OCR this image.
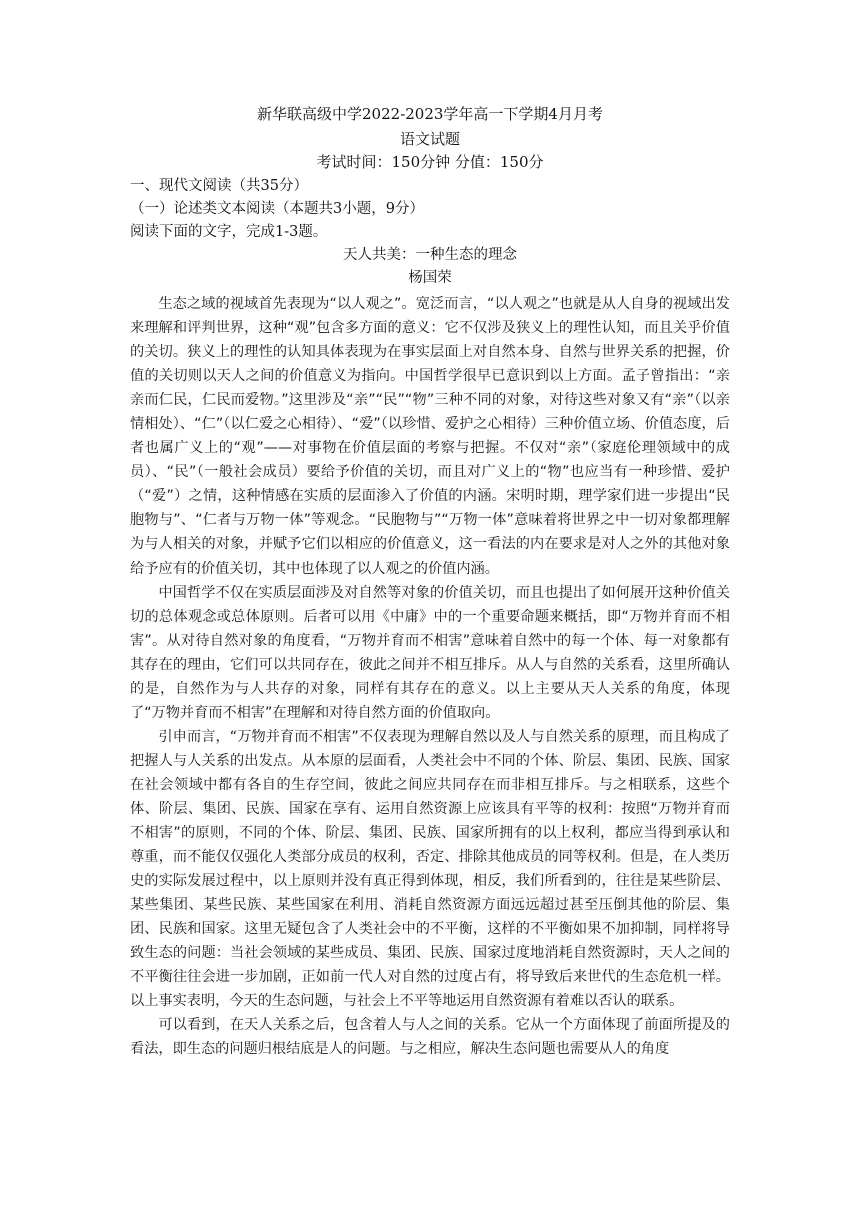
新华联高级中学2022-2023学年高一下学期4月月考
语文试题
考试时间：150分钟 分值：150分
一、现代文阅读（共35分）
（一）论述类文本阅读（本题共3小题，9分）
阅读下面的文字，完成1-3题。
天人共美：一种生态的理念
杨国荣

生态之域的视域首先表现为“以人观之”。宽泛而言，“以人观之”也就是从人自身的视域出发来理解和评判世界，这种“观”包含多方面的意义：它不仅涉及狭义上的理性认知，而且关乎价值的关切。狭义上的理性的认知具体表现为在事实层面上对自然本身、自然与世界关系的把握，价值的关切则以天人之间的价值意义为指向。中国哲学很早已意识到以上方面。孟子曾指出：“亲亲而仁民，仁民而爱物。”这里涉及“亲”“民”“物”三种不同的对象，对待这些对象又有“亲”（以亲情相处）、“仁”（以仁爱之心相待）、“爱”（以珍惜、爱护之心相待）三种价值立场、价值态度，后者也属广义上的“观”——对事物在价值层面的考察与把握。不仅对“亲”（家庭伦理领域中的成员）、“民”（一般社会成员）要给予价值的关切，而且对广义上的“物”也应当有一种珍惜、爱护（“爱”）之情，这种情感在实质的层面渗入了价值的内涵。宋明时期，理学家们进一步提出“民胞物与”、“仁者与万物一体”等观念。“民胞物与”“万物一体”意味着将世界之中一切对象都理解为与人相关的对象，并赋予它们以相应的价值意义，这一看法的内在要求是对人之外的其他对象给予应有的价值关切，其中也体现了以人观之的价值内涵。

中国哲学不仅在实质层面涉及对自然等对象的价值关切，而且也提出了如何展开这种价值关切的总体观念或总体原则。后者可以用《中庸》中的一个重要命题来概括，即“万物并育而不相害”。从对待自然对象的角度看，“万物并育而不相害”意味着自然中的每一个体、每一对象都有其存在的理由，它们可以共同存在，彼此之间并不相互排斥。从人与自然的关系看，这里所确认的是，自然作为与人共存的对象，同样有其存在的意义。以上主要从天人关系的角度，体现了“万物并育而不相害”在理解和对待自然方面的价值取向。

引申而言，“万物并育而不相害”不仅表现为理解自然以及人与自然关系的原理，而且构成了把握人与人关系的出发点。从本原的层面看，人类社会中不同的个体、阶层、集团、民族、国家在社会领域中都有各自的生存空间，彼此之间应共同存在而非相互排斥。与之相联系，这些个体、阶层、集团、民族、国家在享有、运用自然资源上应该具有平等的权利：按照“万物并育而不相害”的原则，不同的个体、阶层、集团、民族、国家所拥有的以上权利，都应当得到承认和尊重，而不能仅仅强化人类部分成员的权利，否定、排除其他成员的同等权利。但是，在人类历史的实际发展过程中，以上原则并没有真正得到体现，相反，我们所看到的，往往是某些阶层、某些集团、某些民族、某些国家在利用、消耗自然资源方面远远超过甚至压倒其他的阶层、集团、民族和国家。这里无疑包含了人类社会中的不平衡，这样的不平衡如果不加抑制，同样将导致生态的问题：当社会领域的某些成员、集团、民族、国家过度地消耗自然资源时，天人之间的不平衡往往会进一步加剧，正如前一代人对自然的过度占有，将导致后来世代的生态危机一样。以上事实表明，今天的生态问题，与社会上不平等地运用自然资源有着难以否认的联系。

可以看到，在天人关系之后，包含着人与人之间的关系。它从一个方面体现了前面所提及的看法，即生态的问题归根结底是人的问题。与之相应，解决生态问题也需要从人的角度
